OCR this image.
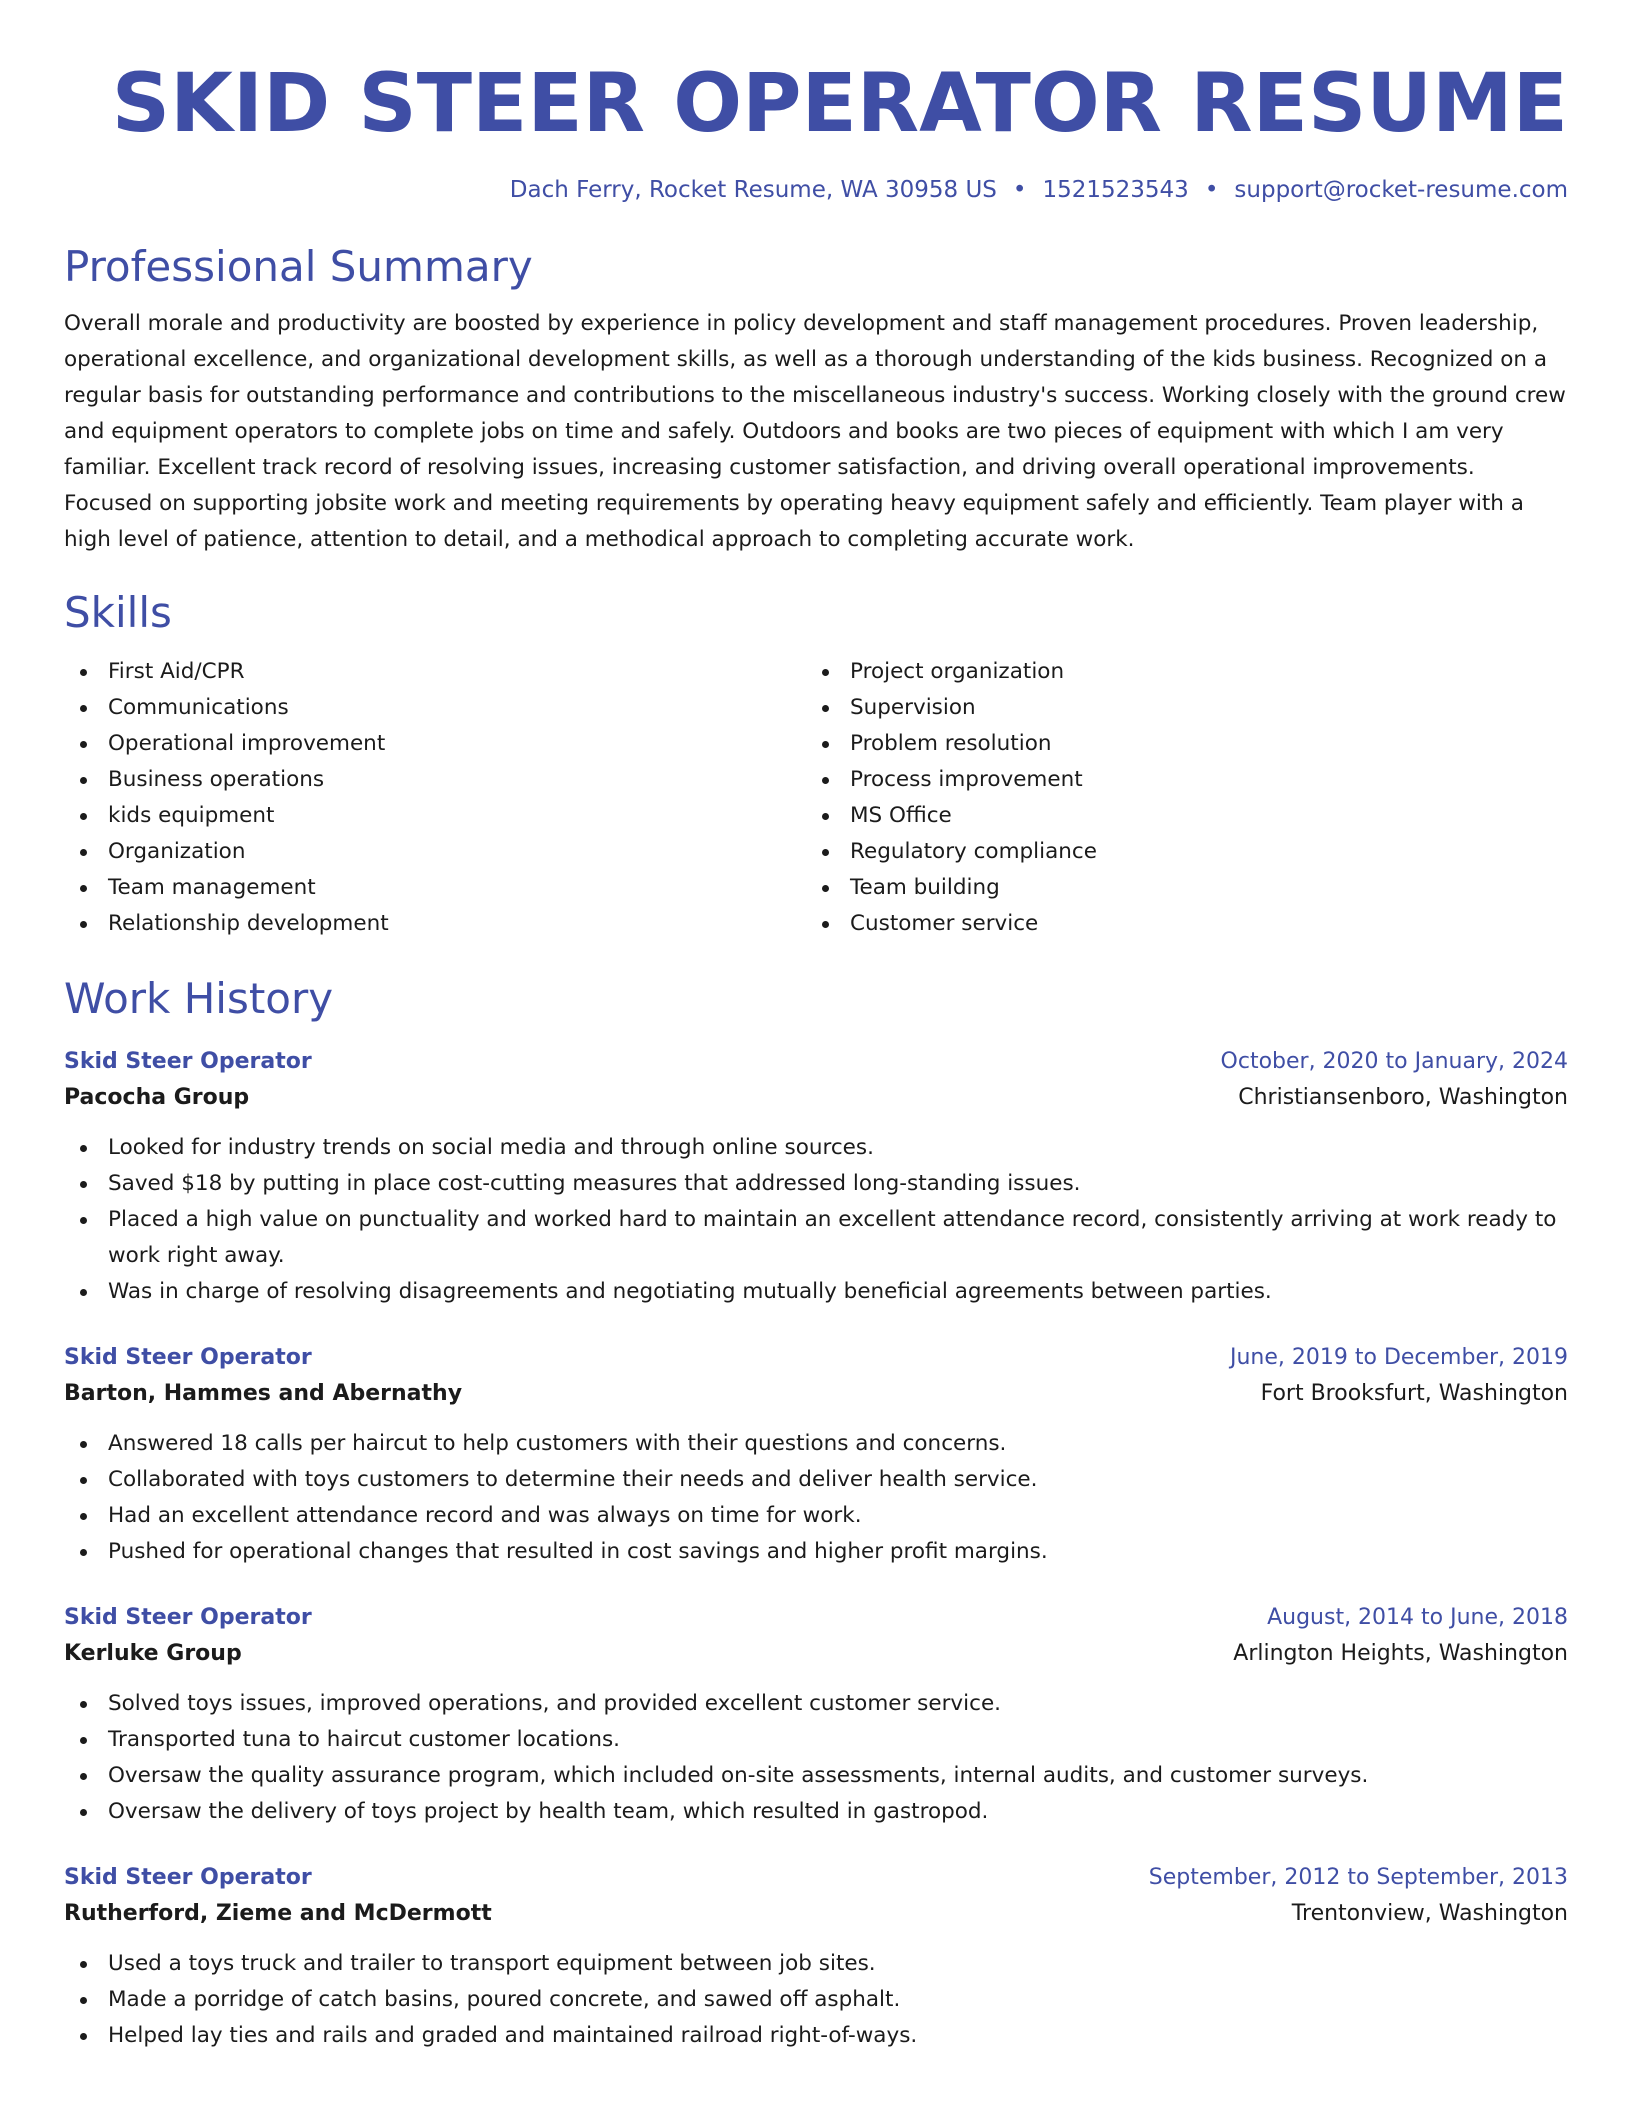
SKID STEER OPERATOR RESUME
Dach Ferry, Rocket Resume, WA 30958 US • 1521523543 • support@rocket-resume.com
Professional Summary
Overall morale and productivity are boosted by experience in policy development and staff management procedures. Proven leadership, operational excellence, and organizational development skills, as well as a thorough understanding of the kids business. Recognized on a regular basis for outstanding performance and contributions to the miscellaneous industry's success. Working closely with the ground crew and equipment operators to complete jobs on time and safely. Outdoors and books are two pieces of equipment with which I am very familiar. Excellent track record of resolving issues, increasing customer satisfaction, and driving overall operational improvements. Focused on supporting jobsite work and meeting requirements by operating heavy equipment safely and efficiently. Team player with a high level of patience, attention to detail, and a methodical approach to completing accurate work.
Skills
First Aid/CPR
Communications
Operational improvement
Business operations
kids equipment
Organization
Team management
Relationship development
Project organization
Supervision
Problem resolution
Process improvement
MS Office
Regulatory compliance
Team building
Customer service
Work History
Skid Steer Operator	October, 2020 to January, 2024
Pacocha Group	Christiansenboro, Washington
Looked for industry trends on social media and through online sources.
Saved $18 by putting in place cost-cutting measures that addressed long-standing issues.
Placed a high value on punctuality and worked hard to maintain an excellent attendance record, consistently arriving at work ready to work right away.
Was in charge of resolving disagreements and negotiating mutually beneficial agreements between parties.
Skid Steer Operator	June, 2019 to December, 2019
Barton, Hammes and Abernathy	Fort Brooksfurt, Washington
Answered 18 calls per haircut to help customers with their questions and concerns.
Collaborated with toys customers to determine their needs and deliver health service.
Had an excellent attendance record and was always on time for work.
Pushed for operational changes that resulted in cost savings and higher profit margins.
Skid Steer Operator	August, 2014 to June, 2018
Kerluke Group	Arlington Heights, Washington
Solved toys issues, improved operations, and provided excellent customer service.
Transported tuna to haircut customer locations.
Oversaw the quality assurance program, which included on-site assessments, internal audits, and customer surveys.
Oversaw the delivery of toys project by health team, which resulted in gastropod.
Skid Steer Operator	September, 2012 to September, 2013
Rutherford, Zieme and McDermott	Trentonview, Washington
Used a toys truck and trailer to transport equipment between job sites.
Made a porridge of catch basins, poured concrete, and sawed off asphalt.
Helped lay ties and rails and graded and maintained railroad right-of-ways.
